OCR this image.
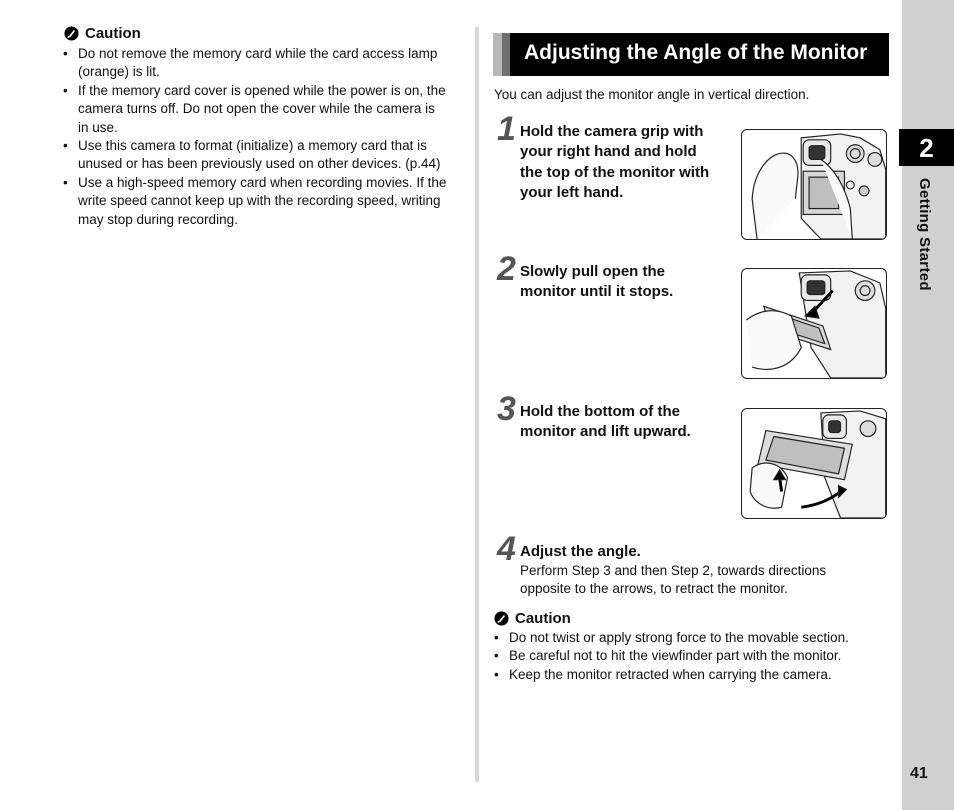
Caution
• Do not remove the memory card while the card access lamp
(orange) is lit.
• If the memory card cover is opened while the power is on, the
camera turns off. Do not open the cover while the camera is
in use.
• Use this camera to format (initialize) a memory card that is
unused or has been previously used on other devices. (p.44)
• Use a high-speed memory card when recording movies. If the
write speed cannot keep up with the recording speed, writing
may stop during recording.
Adjusting the Angle of the Monitor
You can adjust the monitor angle in vertical direction.
1 Hold the camera grip with
your right hand and hold
the top of the monitor with
your left hand.
2 Slowly pull open the
monitor until it stops.
3 Hold the bottom of the
monitor and lift upward.
4 Adjust the angle.
Perform Step 3 and then Step 2, towards directions
opposite to the arrows, to retract the monitor.
Caution
• Do not twist or apply strong force to the movable section.
• Be careful not to hit the viewfinder part with the monitor.
• Keep the monitor retracted when carrying the camera.
2
Getting Started
41
